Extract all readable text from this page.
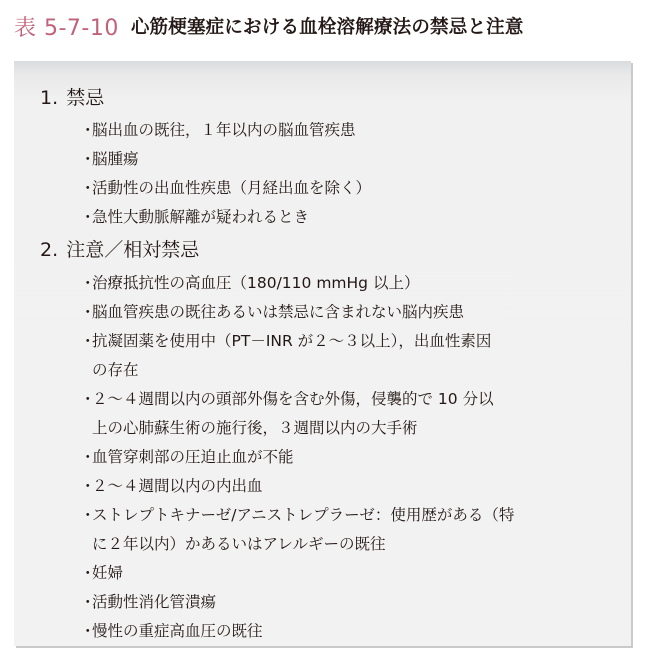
表 5-7-10 心筋梗塞症における血栓溶解療法の禁忌と注意
1. 禁忌
・
脳出血の既往，１年以内の脳血管疾患
・
脳腫瘍
・
活動性の出血性疾患（月経出血を除く）
・
急性大動脈解離が疑われるとき
2. 注意／相対禁忌
・
治療抵抗性の高血圧（180/110 mmHg 以上）
・
脳血管疾患の既往あるいは禁忌に含まれない脳内疾患
・
抗凝固薬を使用中（PT－INR が２～３以上），出血性素因
の存在
・
２～４週間以内の頭部外傷を含む外傷，侵襲的で 10 分以
上の心肺蘇生術の施行後，３週間以内の大手術
・
血管穿刺部の圧迫止血が不能
・
２～４週間以内の内出血
・
ストレプトキナーゼ/アニストレプラーゼ：使用歴がある（特
に２年以内）かあるいはアレルギーの既往
・
妊婦
・
活動性消化管潰瘍
・
慢性の重症高血圧の既往
